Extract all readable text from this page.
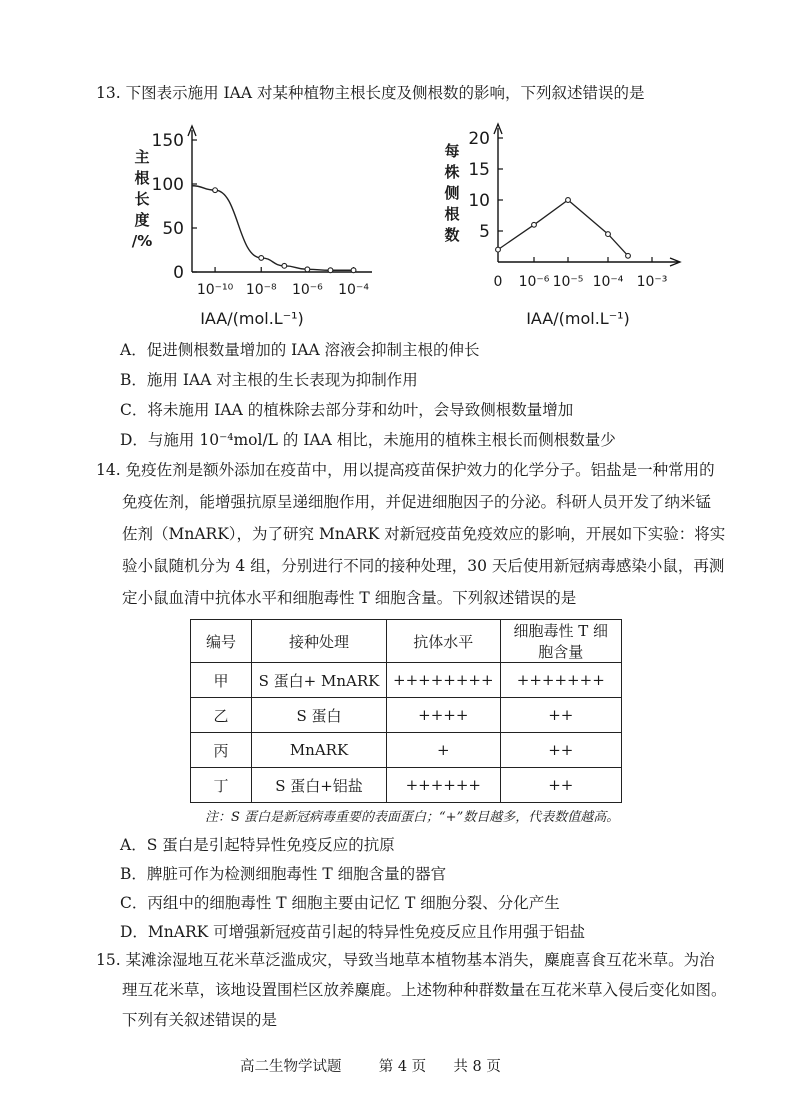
13. 下图表示施用 IAA 对某种植物主根长度及侧根数的影响，下列叙述错误的是
0
50
100
150
10⁻¹⁰ 10⁻⁸ 10⁻⁶ 10⁻⁴
主
根
长
度
/%
IAA/(mol.L⁻¹)
5
10
15
20
0 10⁻⁶ 10⁻⁵ 10⁻⁴ 10⁻³
每
株
侧
根
数
IAA/(mol.L⁻¹)
A．促进侧根数量增加的 IAA 溶液会抑制主根的伸长
B．施用 IAA 对主根的生长表现为抑制作用
C．将未施用 IAA 的植株除去部分芽和幼叶，会导致侧根数量增加
D．与施用 10⁻⁴mol/L 的 IAA 相比，未施用的植株主根长而侧根数量少
14. 免疫佐剂是额外添加在疫苗中，用以提高疫苗保护效力的化学分子。铝盐是一种常用的
免疫佐剂，能增强抗原呈递细胞作用，并促进细胞因子的分泌。科研人员开发了纳米锰
佐剂（MnARK），为了研究 MnARK 对新冠疫苗免疫效应的影响，开展如下实验：将实
验小鼠随机分为 4 组，分别进行不同的接种处理，30 天后使用新冠病毒感染小鼠，再测
定小鼠血清中抗体水平和细胞毒性 T 细胞含量。下列叙述错误的是
编号	接种处理	抗体水平	细胞毒性 T 细胞含量
甲	S 蛋白+ MnARK	++++++++	+++++++
乙	S 蛋白	++++	++
丙	MnARK	+	++
丁	S 蛋白+铝盐	++++++	++
注：S 蛋白是新冠病毒重要的表面蛋白；“+”数目越多，代表数值越高。
A．S 蛋白是引起特异性免疫反应的抗原
B．脾脏可作为检测细胞毒性 T 细胞含量的器官
C．丙组中的细胞毒性 T 细胞主要由记忆 T 细胞分裂、分化产生
D．MnARK 可增强新冠疫苗引起的特异性免疫反应且作用强于铝盐
15. 某滩涂湿地互花米草泛滥成灾，导致当地草本植物基本消失，麋鹿喜食互花米草。为治
理互花米草，该地设置围栏区放养麋鹿。上述物种种群数量在互花米草入侵后变化如图。
下列有关叙述错误的是
高二生物学试题	第 4 页 共 8 页
